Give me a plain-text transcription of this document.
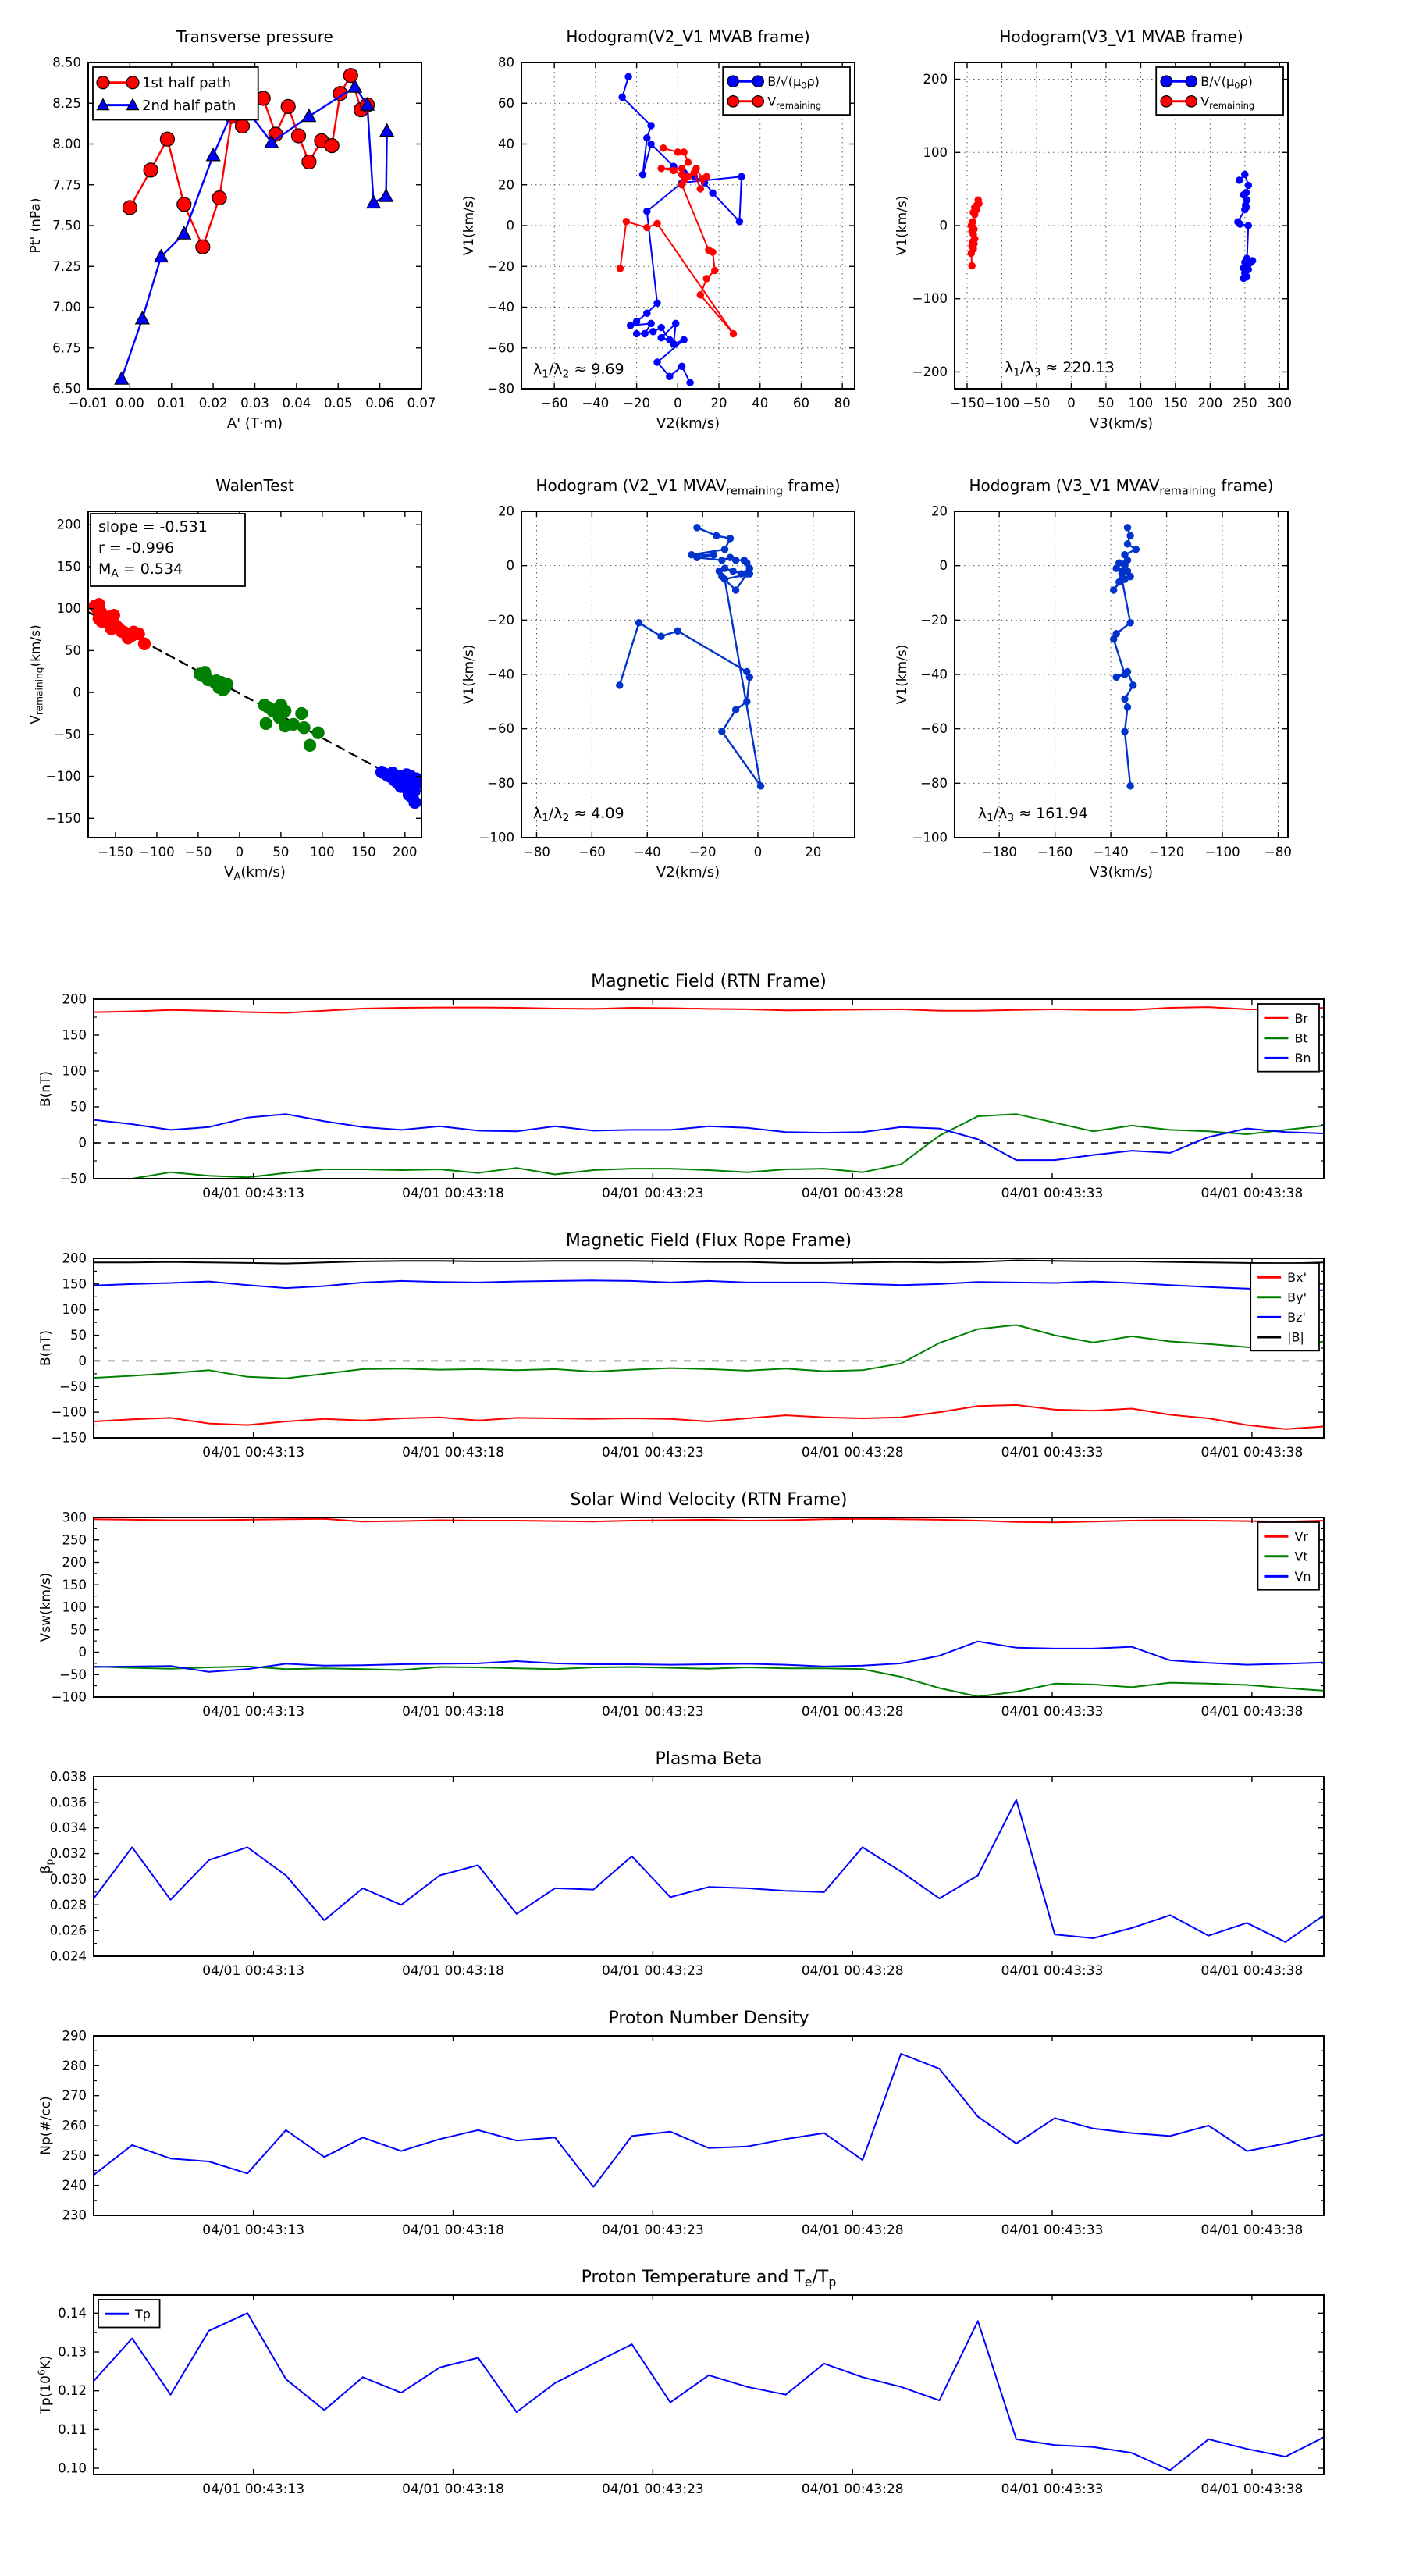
−0.01 0.00 0.01 0.02 0.03 0.04 0.05 0.06 0.07
6.50
6.75
7.00
7.25
7.50
7.75
8.00
8.25
8.50
Transverse pressure
A' (T·m)
Pt' (nPa)
1st half path
2nd half path
−60 −40 −20 0 20 40 60 80
−80
−60
−40
−20
0
20
40
60
80
Hodogram(V2_V1 MVAB frame)
V2(km/s)
V1(km/s)
$\lambda_1/\lambda_2 \approx 9.69$
$B/√(\mu_0\rho)$
$V_{remaining}$
−150 −100 −50 0 50 100 150 200 250 300
−200
−100
0
100
200
Hodogram(V3_V1 MVAB frame)
V3(km/s)
V1(km/s)
$\lambda_1/\lambda_3 \approx 220.13$
$B/√(\mu_0\rho)$
$V_{remaining}$
−150 −100 −50 0 50 100 150 200
−150
−100
−50
0
50
100
150
200
WalenTest
$V_A(km/s)$
$V_{remaining}(km/s)$
slope = -0.531
r = -0.996
$M_A = 0.534$
−80 −60 −40 −20	0	20
−100
−80
−60
−40
−20
0
20
Hodogram (V2_V1 $MVAV_{remaining}$ frame)
V2(km/s)
V1(km/s)
$\lambda_1/\lambda_2 \approx 4.09$
−180 −160 −140 −120 −100 −80
−100
−80
−60
−40
−20
0
20
Hodogram (V3_V1 $MVAV_{remaining}$ frame)
V3(km/s)
V1(km/s)
$\lambda_1/\lambda_3 \approx 161.94$
04/01 00:43:13	04/01 00:43:18	04/01 00:43:23	04/01 00:43:28	04/01 00:43:33	04/01 00:43:38
−50
0
50
100
150
200
Magnetic Field (RTN Frame)
B(nT)
Br
Bt
Bn
04/01 00:43:13	04/01 00:43:18	04/01 00:43:23	04/01 00:43:28	04/01 00:43:33	04/01 00:43:38
−150
−100
−50
0
50
100
150
200
Magnetic Field (Flux Rope Frame)
B(nT)
Bx'
By'
Bz'
|B|
04/01 00:43:13	04/01 00:43:18	04/01 00:43:23	04/01 00:43:28	04/01 00:43:33	04/01 00:43:38
−100
−50
0
50
100
150
200
250
300
Solar Wind Velocity (RTN Frame)
Vsw(km/s)
Vr
Vt
Vn
04/01 00:43:13	04/01 00:43:18	04/01 00:43:23	04/01 00:43:28	04/01 00:43:33	04/01 00:43:38
0.024
0.026
0.028
0.030
0.032
0.034
0.036
0.038
Plasma Beta
$\beta_p$
04/01 00:43:13	04/01 00:43:18	04/01 00:43:23	04/01 00:43:28	04/01 00:43:33	04/01 00:43:38
230
240
250
260
270
280
290
Proton Number Density
Np(#/cc)
04/01 00:43:13	04/01 00:43:18	04/01 00:43:23	04/01 00:43:28	04/01 00:43:33	04/01 00:43:38
0.10
0.11
0.12
0.13
0.14
Proton Temperature and $T_e/T_p$
$Tp(10^6K)$
Tp
